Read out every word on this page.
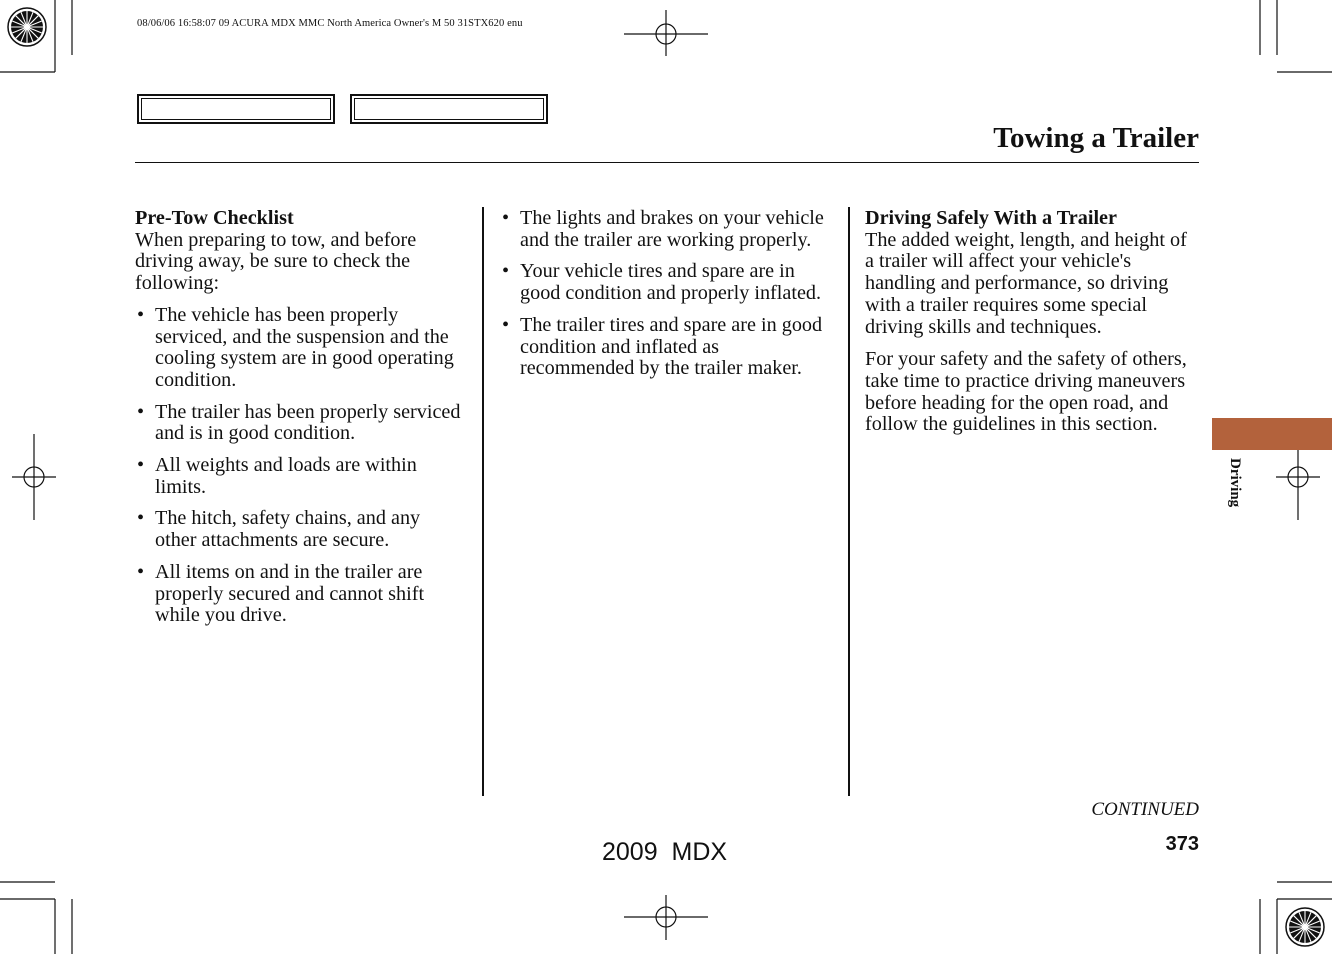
08/06/06 16:58:07 09 ACURA MDX MMC North America Owner's M 50 31STX620 enu
Towing a Trailer
Pre-Tow Checklist
When preparing to tow, and before driving away, be sure to check the following:
• The vehicle has been properly serviced, and the suspension and the cooling system are in good operating condition.
• The trailer has been properly serviced and is in good condition.
• All weights and loads are within limits.
• The hitch, safety chains, and any other attachments are secure.
• All items on and in the trailer are properly secured and cannot shift while you drive.
• The lights and brakes on your vehicle and the trailer are working properly.
• Your vehicle tires and spare are in good condition and properly inflated.
• The trailer tires and spare are in good condition and inflated as recommended by the trailer maker.
Driving Safely With a Trailer

The added weight, length, and height of a trailer will affect your vehicle's handling and performance, so driving with a trailer requires some special driving skills and techniques.

For your safety and the safety of others, take time to practice driving maneuvers before heading for the open road, and follow the guidelines in this section.

Driving
CONTINUED
373
2009  MDX
